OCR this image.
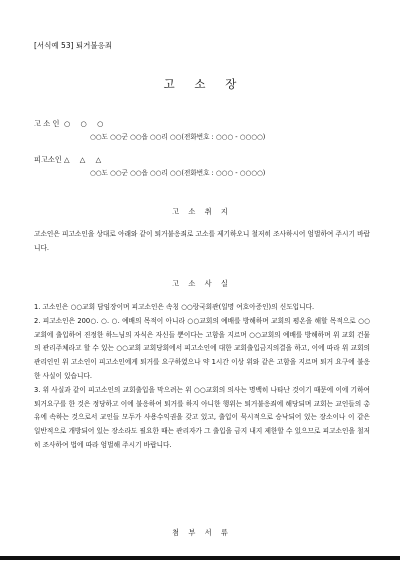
[서식예 53] 퇴거불응죄
고 소 장
고 소 인 ○ ○ ○
○○도 ○○군 ○○읍 ○○리 ○○(전화번호 : ○○○ - ○○○○)
피고소인 △ △ △
○○도 ○○군 ○○읍 ○○리 ○○(전화번호 : ○○○ - ○○○○)
고 소 취 지

고소인은 피고소인을 상대로 아래와 같이 퇴거불응죄로 고소를 제기하오니 철저히 조사하시어 엄벌하여 주시기 바랍니다.

고 소 사 실

1. 고소인은 ○○교회 담임장이며 피고소인은 속칭 ○○랑국회관(일명 여호아증인)의 신도입니다.

2. 피고소인은 200○. ○. ○. 예배의 목적이 아니라 ○○교회의 예배를 방해하며 교회의 평온을 해할 목적으로 ○○교회에 출입하여 진정한 하느님의 자식은 자신들 뿐이다는 고함을 지르며 ○○교회의 예배를 방해하며 위 교회 건물의 관리주체라고 할 수 있는 ○○교회 교회당회에서 피고소인에 대한 교회출입금지의결을 하고, 이에 따라 위 교회의 관리인인 위 고소인이 피고소인에게 퇴거를 요구하였으나 약 1시간 이상 위와 같은 고함을 지르며 퇴거 요구에 불응한 사실이 있습니다.

3. 위 사실과 같이 피고소인의 교회출입을 막으려는 위 ○○교회의 의사는 명백히 나타난 것이기 때문에 이에 기하여 퇴거요구를 한 것은 정당하고 이에 불응하여 퇴거를 하지 아니한 행위는 퇴거불응죄에 해당되며 교회는 교인들의 총유에 속하는 것으로서 교인들 모두가 사용수익권을 갖고 있고, 출입이 묵시적으로 승낙되어 있는 장소이나 이 같은 일반적으로 개방되어 있는 장소라도 필요한 때는 관리자가 그 출입을 금지 내지 제한할 수 있으므로 피고소인을 철저히 조사하여 법에 따라 엄벌해 주시기 바랍니다.

첨 부 서 류
